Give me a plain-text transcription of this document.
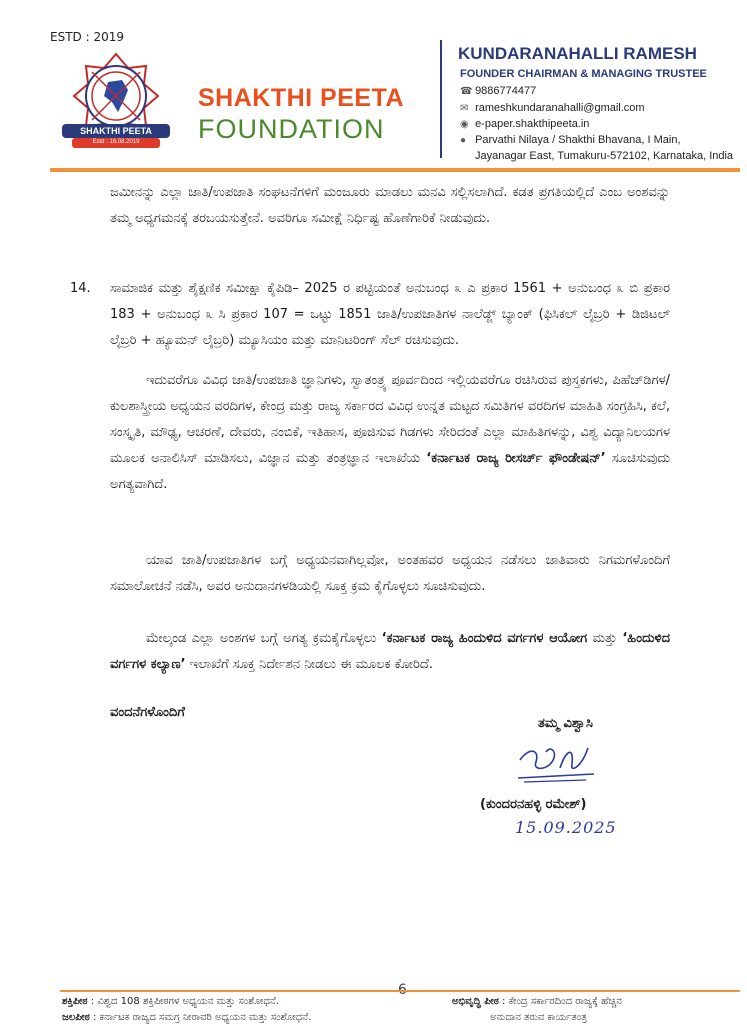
ESTD : 2019
SHAKTHI PEETA
Estd : 16.08.2019
SHAKTHI PEETA
FOUNDATION
KUNDARANAHALLI RAMESH
FOUNDER CHAIRMAN & MANAGING TRUSTEE
☎ 9886774477
✉ rameshkundaranahalli@gmail.com
◉ e-paper.shakthipeeta.in
● Parvathi Nilaya / Shakthi Bhavana, I Main,
Jayanagar East, Tumakuru-572102, Karnataka, India

ಜಮೀನನ್ನು ಎಲ್ಲಾ ಜಾತಿ/ಉಪಜಾತಿ ಸಂಘಟನೆಗಳಿಗೆ ಮಂಜೂರು ಮಾಡಲು ಮನವಿ ಸಲ್ಲಿಸಲಾಗಿದೆ. ಕಡತ ಪ್ರಗತಿಯಲ್ಲಿದೆ ಎಂಬ ಅಂಶವನ್ನು ತಮ್ಮ ಅಧ್ಯಗಮನಕ್ಕೆ ತರಬಯಸುತ್ತೇನೆ. ಅವರಿಗೂ ಸಮೀಕ್ಷೆ ನಿರ್ಧಿಷ್ಟ ಹೊಣೆಗಾರಿಕೆ ನೀಡುವುದು.

14. ಸಾಮಾಜಿಕ ಮತ್ತು ಶೈಕ್ಷಣಿಕ ಸಮೀಕ್ಷಾ ಕೈಪಿಡಿ– 2025 ರ ಪಟ್ಟಿಯಂತೆ ಅನುಬಂಧ ೩ ಎ ಪ್ರಕಾರ 1561 + ಅನುಬಂಧ ೩ ಬಿ ಪ್ರಕಾರ 183 + ಅನುಬಂಧ ೩ ಸಿ ಪ್ರಕಾರ 107 = ಒಟ್ಟು 1851 ಜಾತಿ/ಉಪಜಾತಿಗಳ ನಾಲೆಡ್ಜ್ ಬ್ಯಾಂಕ್ (ಫಿಸಿಕಲ್ ಲೈಬ್ರರಿ + ಡಿಜಿಟಲ್ ಲೈಬ್ರರಿ + ಹ್ಯೂಮನ್ ಲೈಬ್ರರಿ) ಮ್ಯೂಸಿಯಂ ಮತ್ತು ಮಾನಿಟರಿಂಗ್ ಸೆಲ್ ರಚಿಸುವುದು.

ಇದುವರೆಗೂ ವಿವಿಧ ಜಾತಿ/ಉಪಜಾತಿ ಜ್ಞಾನಿಗಳು, ಸ್ವಾತಂತ್ರ್ಯ ಪೂರ್ವದಿಂದ ಇಲ್ಲಿಯವರೆಗೂ ರಚಿಸಿರುವ ಪುಸ್ತಕಗಳು, ಪಿಹೆಚ್‌ಡಿಗಳ/ ಕುಲಶಾಸ್ತ್ರೀಯ ಅಧ್ಯಯನ ವರದಿಗಳ, ಕೇಂದ್ರ ಮತ್ತು ರಾಜ್ಯ ಸರ್ಕಾರದ ವಿವಿಧ ಉನ್ನತ ಮಟ್ಟದ ಸಮಿತಿಗಳ ವರದಿಗಳ ಮಾಹಿತಿ ಸಂಗ್ರಹಿಸಿ, ಕಲೆ, ಸಂಸ್ಕೃತಿ, ಮೌಢ್ಯ, ಆಚರಣೆ, ದೇವರು, ನಂಬಿಕೆ, ಇತಿಹಾಸ, ಪೂಜಿಸುವ ಗಿಡಗಳು ಸೇರಿದಂತೆ ಎಲ್ಲಾ ಮಾಹಿತಿಗಳನ್ನು, ವಿಶ್ವ ವಿದ್ಯಾನಿಲಯಗಳ ಮೂಲಕ ಅನಾಲಿಸಿಸ್ ಮಾಡಿಸಲು, ವಿಜ್ಞಾನ ಮತ್ತು ತಂತ್ರಜ್ಞಾನ ಇಲಾಖೆಯ ‘ಕರ್ನಾಟಕ ರಾಜ್ಯ ರೀಸರ್ಚ್ ಫೌಂಡೇಷನ್’ ಸೂಚಿಸುವುದು ಅಗತ್ಯವಾಗಿದೆ.

ಯಾವ ಜಾತಿ/ಉಪಜಾತಿಗಳ ಬಗ್ಗೆ ಅಧ್ಯಯನವಾಗಿಲ್ಲವೋ, ಅಂತಹವರ ಅಧ್ಯಯನ ನಡೆಸಲು ಜಾತಿವಾರು ನಿಗಮಗಳೊಂದಿಗೆ ಸಮಾಲೋಚನೆ ನಡೆಸಿ, ಅವರ ಅನುದಾನಗಳಡಿಯಲ್ಲಿ ಸೂಕ್ತ ಕ್ರಮ ಕೈಗೊಳ್ಳಲು ಸೂಚಿಸುವುದು.

ಮೇಲ್ಕಂಡ ಎಲ್ಲಾ ಅಂಶಗಳ ಬಗ್ಗೆ ಅಗತ್ಯ ಕ್ರಮಕೈಗೊಳ್ಳಲು ‘ಕರ್ನಾಟಕ ರಾಜ್ಯ ಹಿಂದುಳಿದ ವರ್ಗಗಳ ಆಯೋಗ ಮತ್ತು ‘ಹಿಂದುಳಿದ ವರ್ಗಗಳ ಕಲ್ಯಾಣ’ ಇಲಾಖೆಗೆ ಸೂಕ್ತ ನಿರ್ದೇಶನ ನೀಡಲು ಈ ಮೂಲಕ ಕೋರಿದೆ.

ವಂದನೆಗಳೊಂದಿಗೆ
ತಮ್ಮ ವಿಶ್ವಾಸಿ
(ಕುಂದರನಹಳ್ಳಿ ರಮೇಶ್)
15.09.2025
ಶಕ್ತಿಪೀಠ : ವಿಶ್ವದ 108 ಶಕ್ತಿಪೀಠಗಳ ಅಧ್ಯಯನ ಮತ್ತು ಸಂಶೋಧನೆ.
ಜಲಪೀಠ : ಕರ್ನಾಟಕ ರಾಜ್ಯದ ಸಮಗ್ರ ನೀರಾವರಿ ಅಧ್ಯಯನ ಮತ್ತು ಸಂಶೋಧನೆ.
ಅಭಿವೃದ್ಧಿ ಪೀಠ : ಕೇಂದ್ರ ಸರ್ಕಾರದಿಂದ ರಾಜ್ಯಕ್ಕೆ ಹೆಚ್ಚಿನ
ಅನುದಾನ ತರುವ ಕಾರ್ಯತಂತ್ರ
